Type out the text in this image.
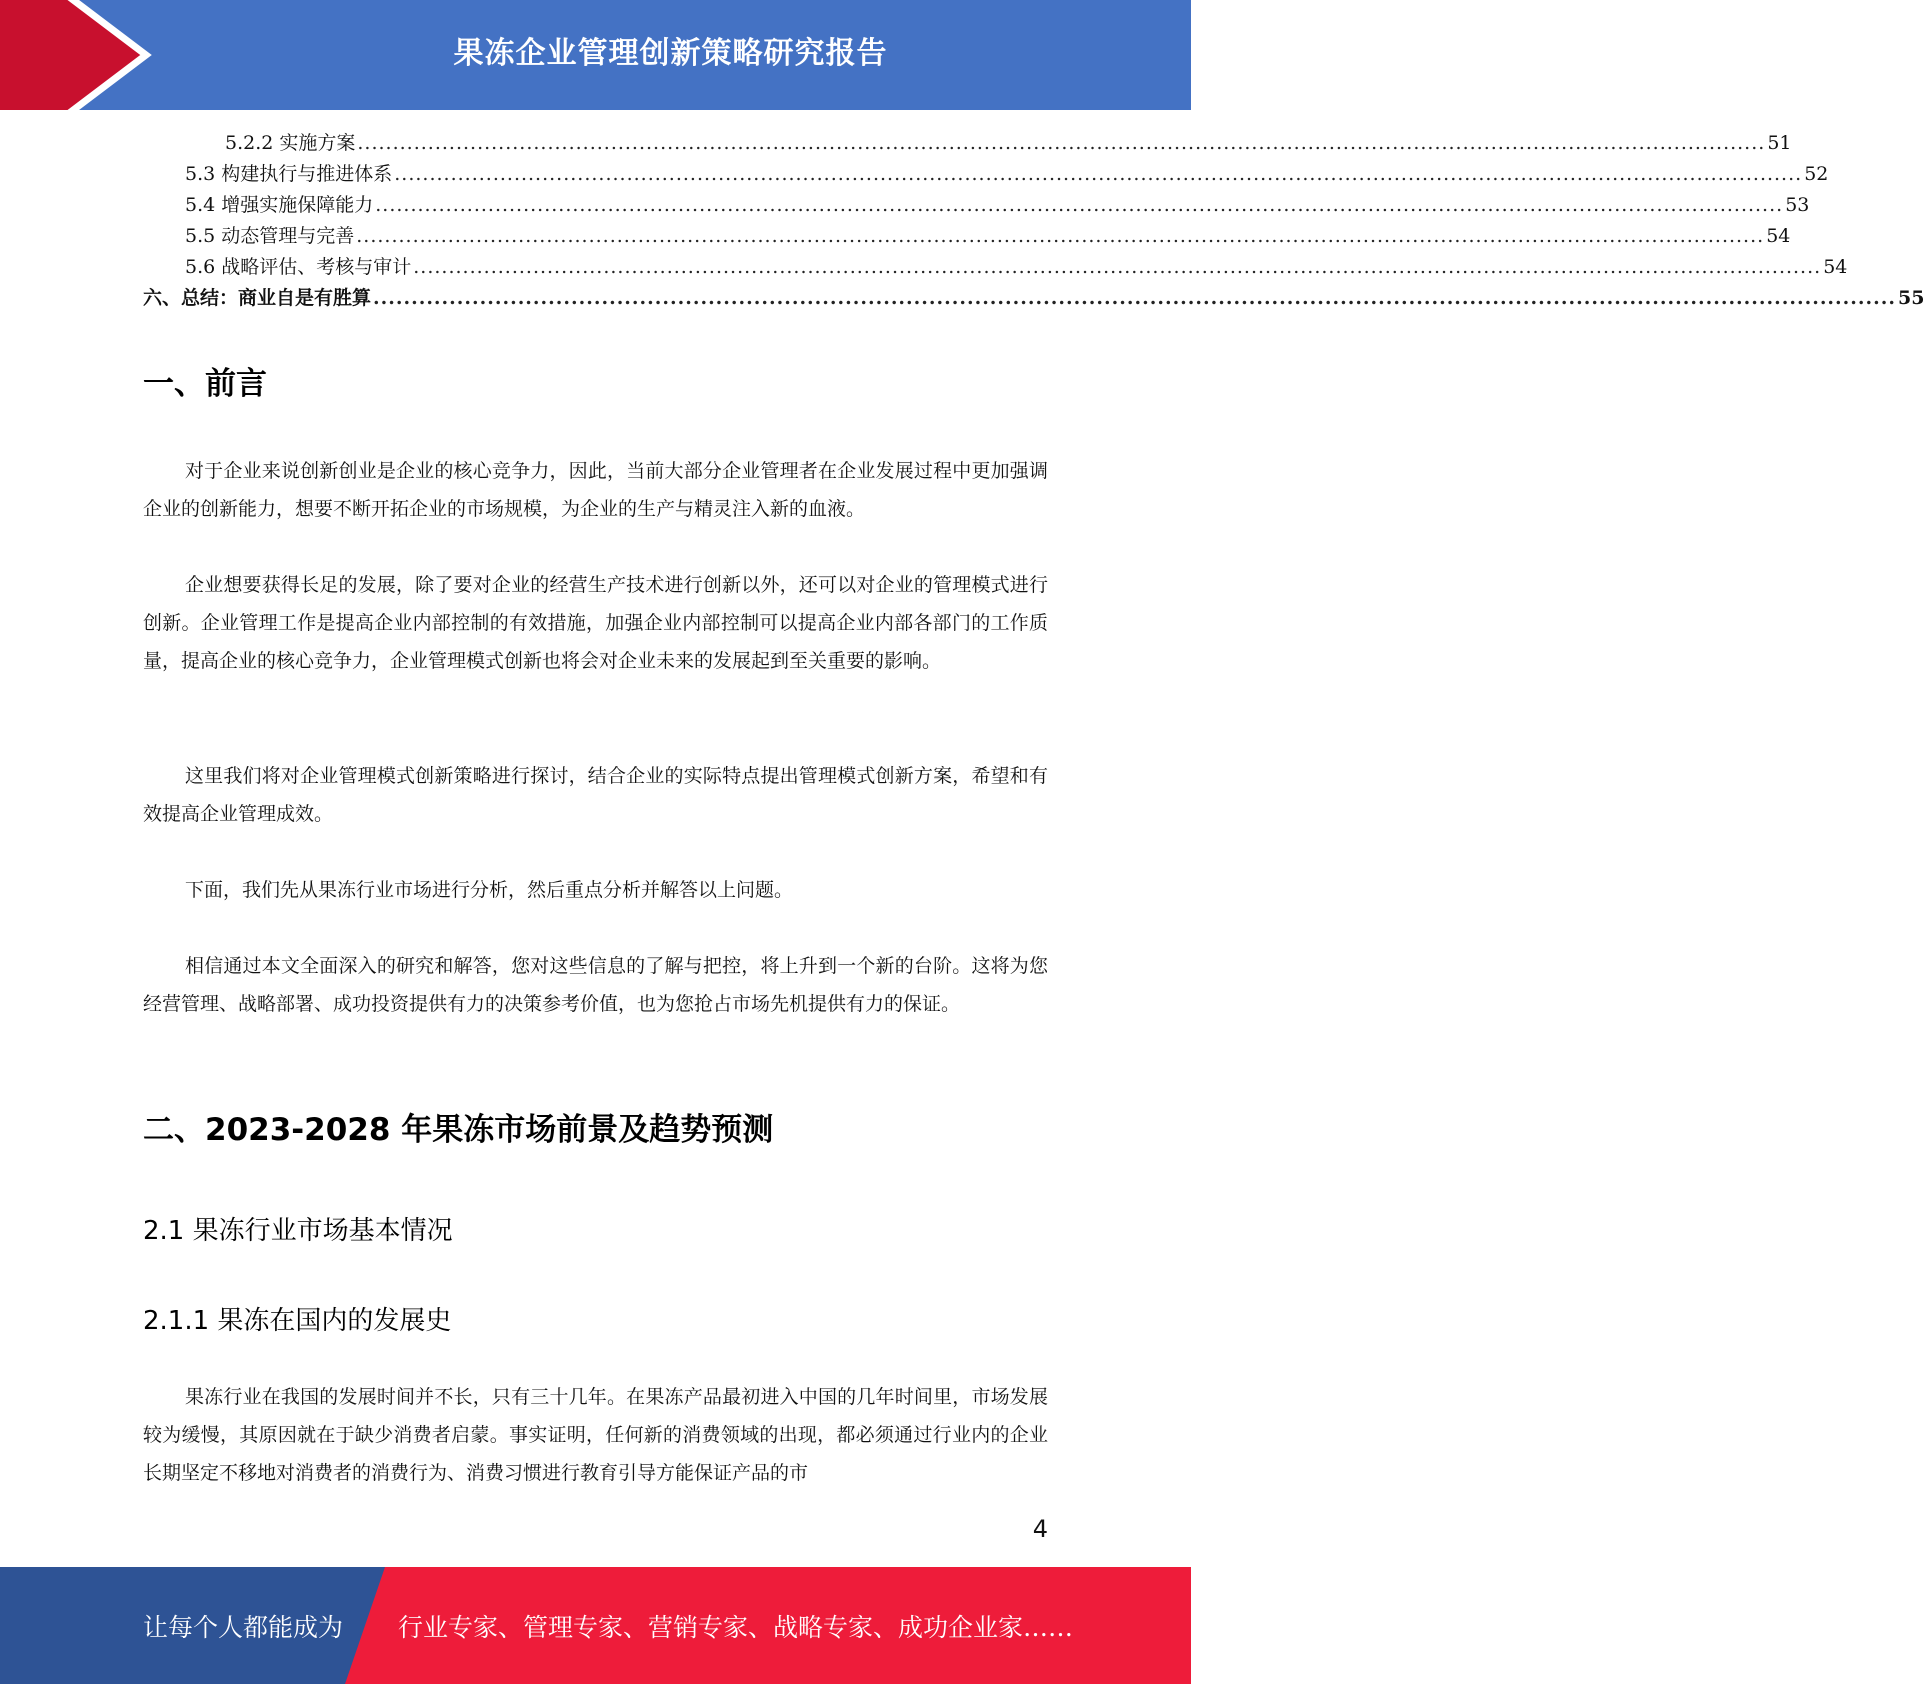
果冻企业管理创新策略研究报告
5.2.2 实施方案 ........................................................................................................................................................................................................ 51
5.3 构建执行与推进体系 ........................................................................................................................................................................................................ 52
5.4 增强实施保障能力 ........................................................................................................................................................................................................ 53
5.5 动态管理与完善 ........................................................................................................................................................................................................ 54
5.6 战略评估、考核与审计 ........................................................................................................................................................................................................ 54
六、总结：商业自是有胜算 ........................................................................................................................................................................................................ 55
一、前言

对于企业来说创新创业是企业的核心竞争力，因此，当前大部分企业管理者在企业发展过程中更加强调企业的创新能力，想要不断开拓企业的市场规模，为企业的生产与精灵注入新的血液。

企业想要获得长足的发展，除了要对企业的经营生产技术进行创新以外，还可以对企业的管理模式进行创新。企业管理工作是提高企业内部控制的有效措施，加强企业内部控制可以提高企业内部各部门的工作质量，提高企业的核心竞争力，企业管理模式创新也将会对企业未来的发展起到至关重要的影响。

这里我们将对企业管理模式创新策略进行探讨，结合企业的实际特点提出管理模式创新方案，希望和有效提高企业管理成效。

下面，我们先从果冻行业市场进行分析，然后重点分析并解答以上问题。

相信通过本文全面深入的研究和解答，您对这些信息的了解与把控，将上升到一个新的台阶。这将为您经营管理、战略部署、成功投资提供有力的决策参考价值，也为您抢占市场先机提供有力的保证。

二、2023-2028 年果冻市场前景及趋势预测
2.1 果冻行业市场基本情况
2.1.1 果冻在国内的发展史

果冻行业在我国的发展时间并不长，只有三十几年。在果冻产品最初进入中国的几年时间里，市场发展较为缓慢，其原因就在于缺少消费者启蒙。事实证明，任何新的消费领域的出现，都必须通过行业内的企业长期坚定不移地对消费者的消费行为、消费习惯进行教育引导方能保证产品的市

4
让每个人都能成为 行业专家、管理专家、营销专家、战略专家、成功企业家……
